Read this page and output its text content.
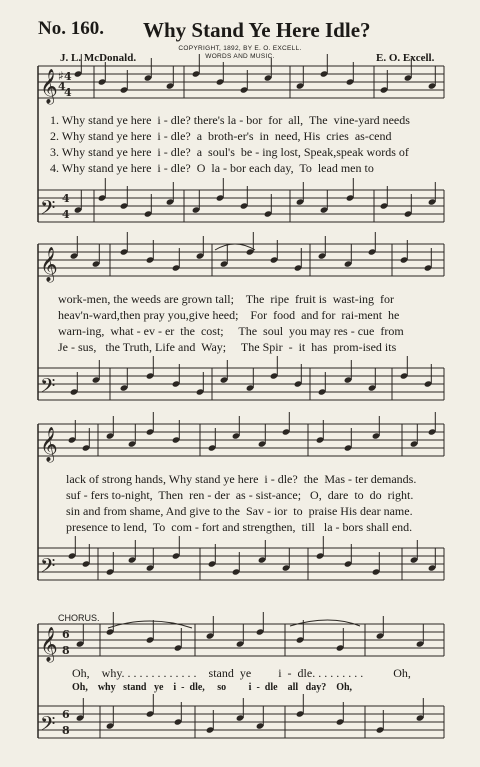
No. 160. Why Stand Ye Here Idle?
COPYRIGHT, 1892, BY E. O. EXCELL.
WORDS AND MUSIC.
J. L. McDonald.	E. O. Excell.
𝄞
𝄢
𝄞
𝄢
𝄞
𝄢
𝄞
𝄢
♯
4
4
4
4
4
6
8
6
8
1. Why stand ye here  i - dle? there's la - bor  for  all,  The  vine-yard needs
2. Why stand ye here  i - dle?  a  broth-er's  in  need, His  cries  as-cend
3. Why stand ye here  i - dle?  a  soul's  be - ing lost, Speak,speak words of
4. Why stand ye here  i - dle?  O  la - bor each day,  To  lead men to
work-men, the weeds are grown tall;    The  ripe  fruit is  wast-ing  for
heav'n-ward,then pray you,give heed;    For  food  and for  rai-ment  he
warn-ing,  what - ev - er  the  cost;     The  soul  you may res - cue  from
Je - sus,   the Truth, Life and  Way;     The Spir  -  it  has  prom-ised its
lack of strong hands, Why stand ye here  i - dle?  the  Mas - ter demands.
suf - fers to-night,  Then  ren - der  as - sist-ance;   O,  dare  to  do  right.
sin and from shame, And give to the  Sav - ior  to  praise His dear name.
presence to lend,  To  com - fort and strengthen,  till   la - bors shall end.
CHORUS.
Oh,    why. . . . . . . . . . . . .    stand  ye         i  -  dle. . . . . . . . .          Oh,
Oh,    why   stand   ye    i  -  dle,     so         i  -  dle    all   day?    Oh,
